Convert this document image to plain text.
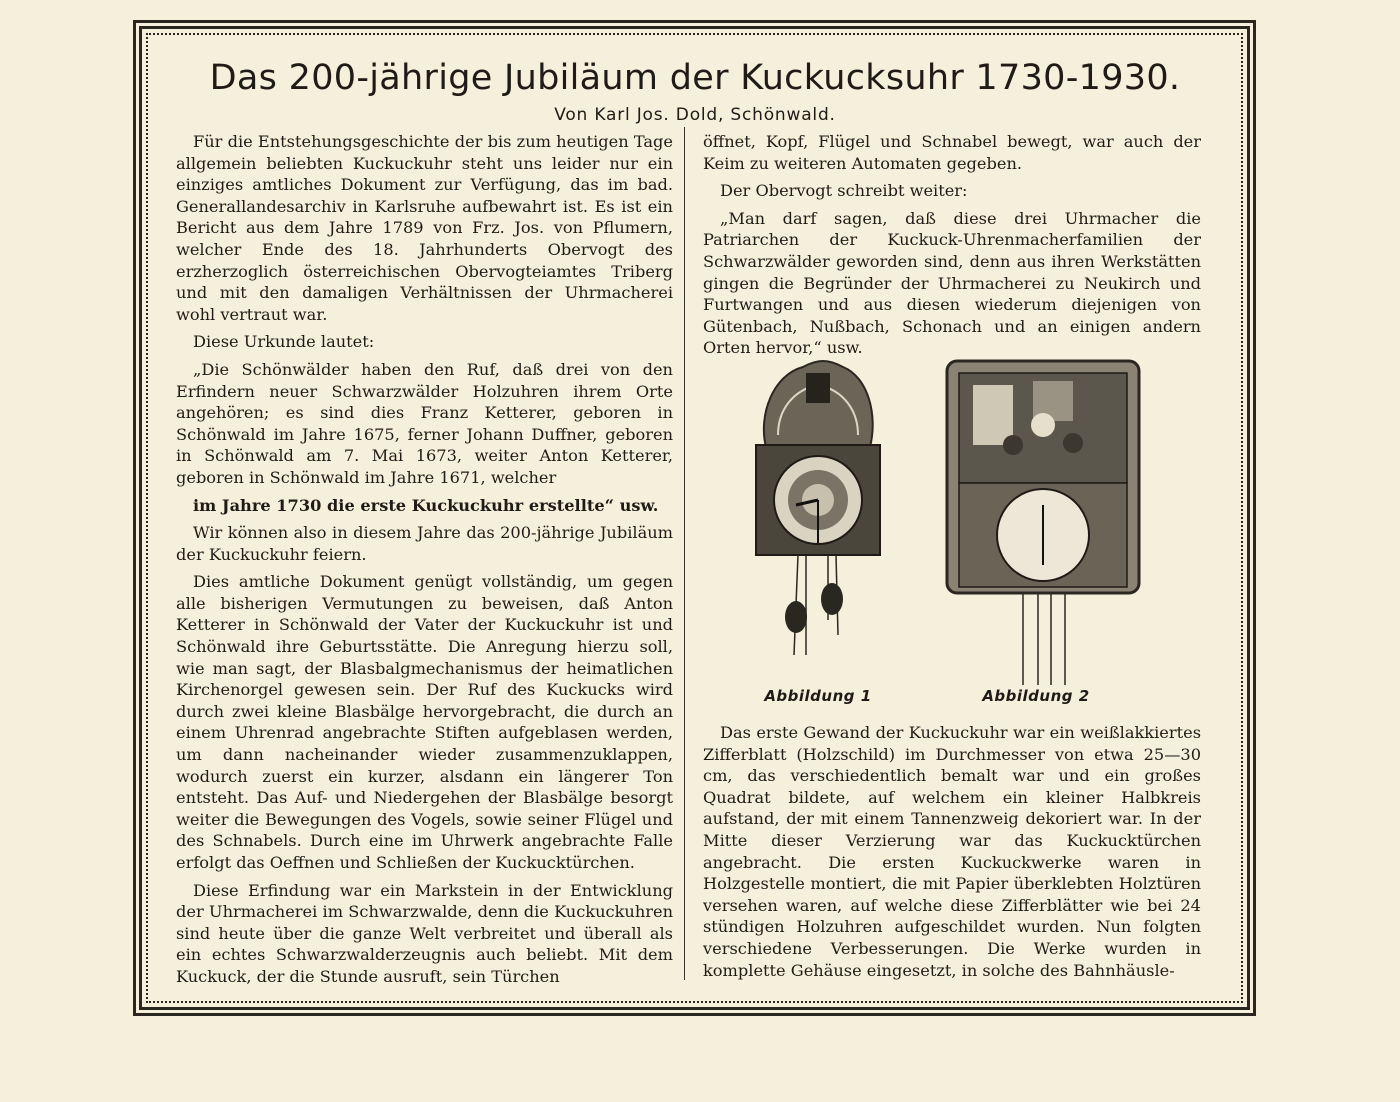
Das 200-jährige Jubiläum der Kuckucksuhr 1730-1930.

Von Karl Jos. Dold, Schönwald.

Für die Entstehungsgeschichte der bis zum heutigen Tage allgemein beliebten Kuckuckuhr steht uns leider nur ein einziges amtliches Dokument zur Verfügung, das im bad. Generallandesarchiv in Karlsruhe aufbewahrt ist. Es ist ein Bericht aus dem Jahre 1789 von Frz. Jos. von Pflumern, welcher Ende des 18. Jahrhunderts Obervogt des erzherzoglich österreichischen Obervogteiamtes Triberg und mit den damaligen Verhältnissen der Uhrmacherei wohl vertraut war.

Diese Urkunde lautet:

„Die Schönwälder haben den Ruf, daß drei von den Erfindern neuer Schwarzwälder Holzuhren ihrem Orte angehören; es sind dies Franz Ketterer, geboren in Schönwald im Jahre 1675, ferner Johann Duffner, geboren in Schönwald am 7. Mai 1673, weiter Anton Ketterer, geboren in Schönwald im Jahre 1671, welcher

im Jahre 1730 die erste Kuckuckuhr erstellte“ usw.

Wir können also in diesem Jahre das 200-jährige Jubiläum der Kuckuckuhr feiern.

Dies amtliche Dokument genügt vollständig, um gegen alle bisherigen Vermutungen zu beweisen, daß Anton Ketterer in Schönwald der Vater der Kuckuckuhr ist und Schönwald ihre Geburtsstätte. Die Anregung hierzu soll, wie man sagt, der Blasbalgmechanismus der heimatlichen Kirchenorgel gewesen sein. Der Ruf des Kuckucks wird durch zwei kleine Blasbälge hervorgebracht, die durch an einem Uhrenrad angebrachte Stiften aufgeblasen werden, um dann nacheinander wieder zusammenzuklappen, wodurch zuerst ein kurzer, alsdann ein längerer Ton entsteht. Das Auf- und Niedergehen der Blasbälge besorgt weiter die Bewegungen des Vogels, sowie seiner Flügel und des Schnabels. Durch eine im Uhrwerk angebrachte Falle erfolgt das Oeffnen und Schließen der Kuckucktürchen.

Diese Erfindung war ein Markstein in der Entwicklung der Uhrmacherei im Schwarzwalde, denn die Kuckuckuhren sind heute über die ganze Welt verbreitet und überall als ein echtes Schwarzwalderzeugnis auch beliebt. Mit dem Kuckuck, der die Stunde ausruft, sein Türchen

öffnet, Kopf, Flügel und Schnabel bewegt, war auch der Keim zu weiteren Automaten gegeben.

Der Obervogt schreibt weiter:

„Man darf sagen, daß diese drei Uhrmacher die Patriarchen der Kuckuck-Uhrenmacherfamilien der Schwarzwälder geworden sind, denn aus ihren Werkstätten gingen die Begründer der Uhrmacherei zu Neukirch und Furtwangen und aus diesen wiederum diejenigen von Gütenbach, Nußbach, Schonach und an einigen andern Orten hervor,“ usw.

Abbildung 1	Abbildung 2

Das erste Gewand der Kuckuckuhr war ein weißlakkiertes Zifferblatt (Holzschild) im Durchmesser von etwa 25—30 cm, das verschiedentlich bemalt war und ein großes Quadrat bildete, auf welchem ein kleiner Halbkreis aufstand, der mit einem Tannenzweig dekoriert war. In der Mitte dieser Verzierung war das Kuckucktürchen angebracht. Die ersten Kuckuckwerke waren in Holzgestelle montiert, die mit Papier überklebten Holztüren versehen waren, auf welche diese Zifferblätter wie bei 24 stündigen Holzuhren aufgeschildet wurden. Nun folgten verschiedene Verbesserungen. Die Werke wurden in komplette Gehäuse eingesetzt, in solche des Bahnhäusle-
